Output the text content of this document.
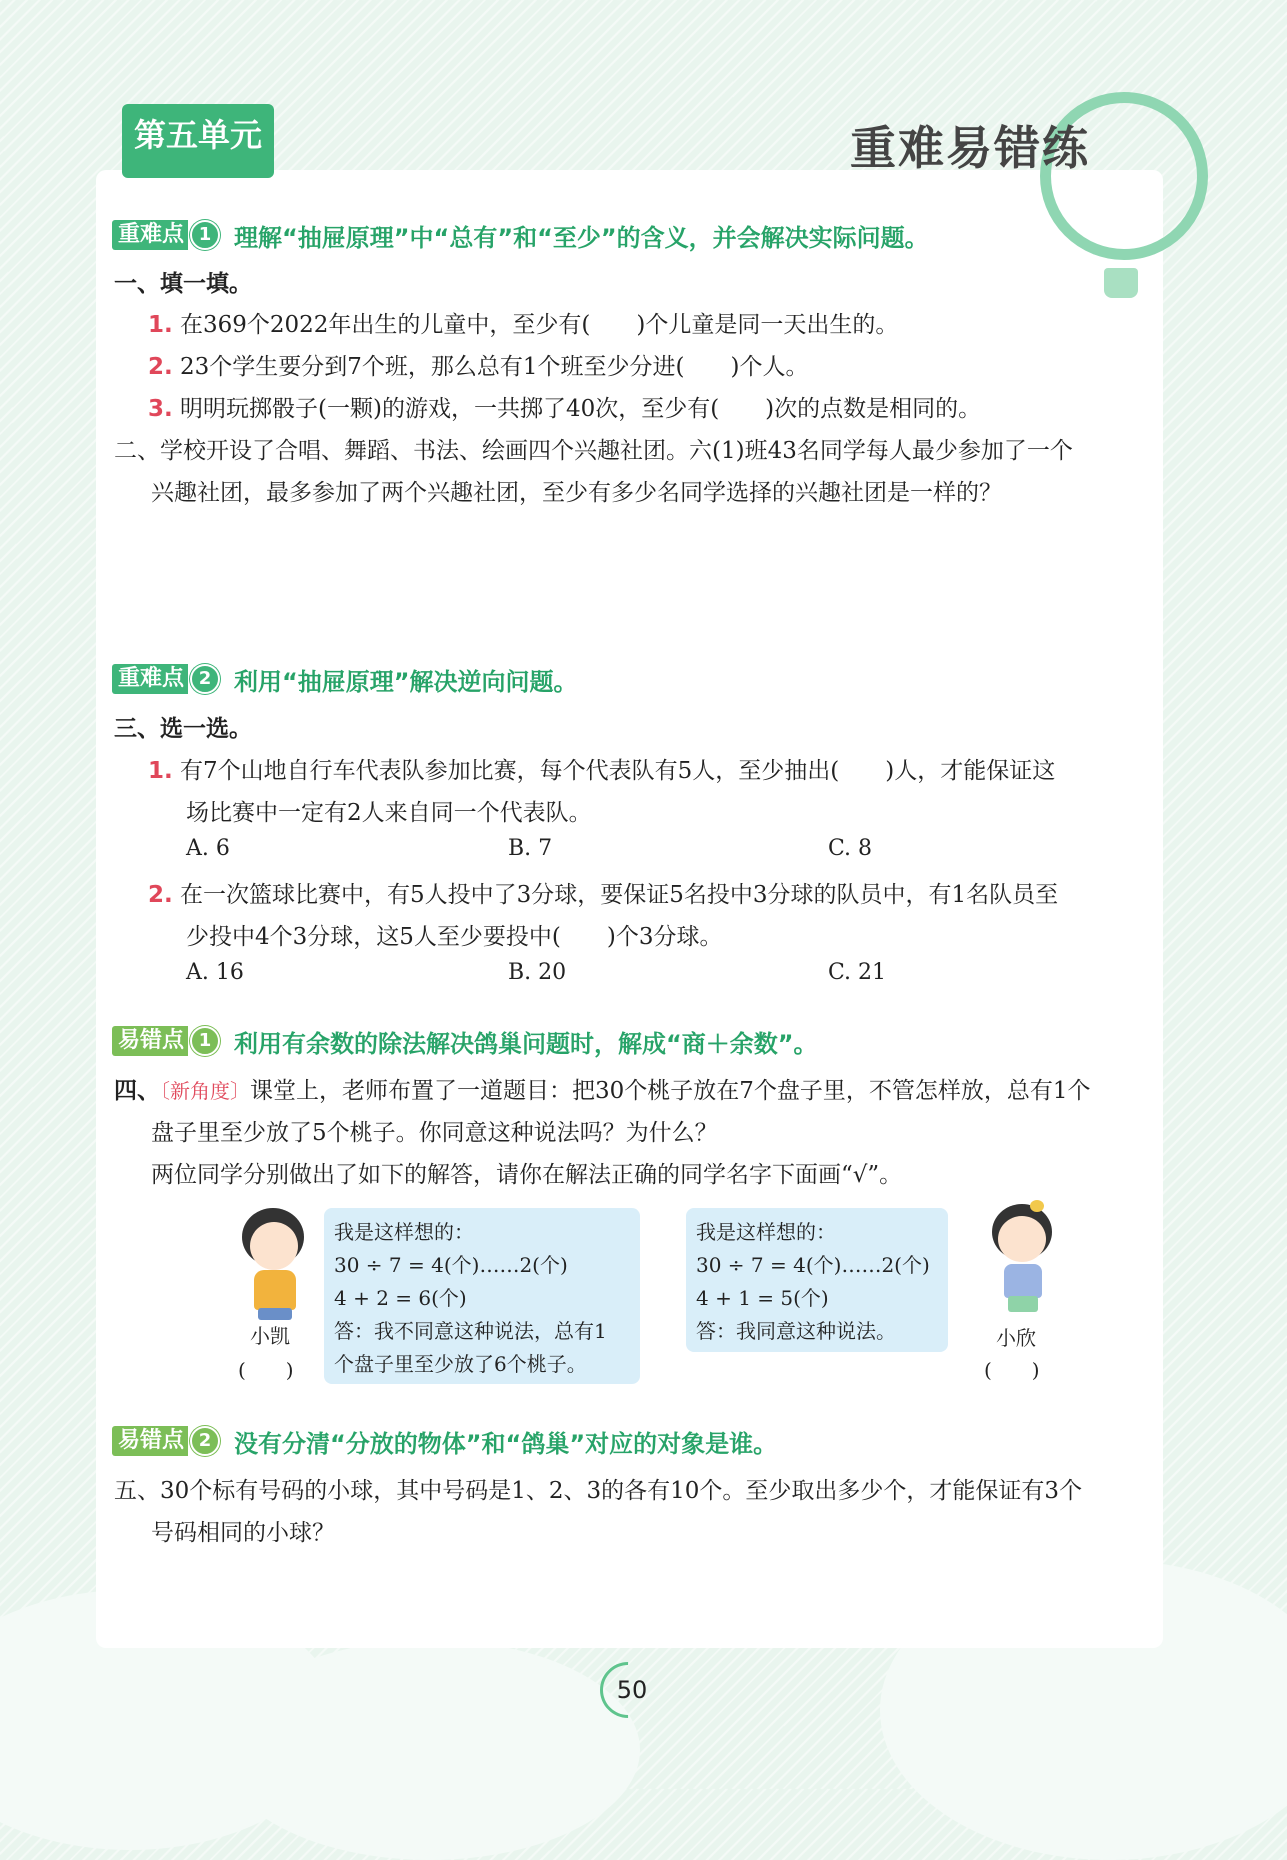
第五单元	重难易错练
重难点 1 理解“抽屉原理”中“总有”和“至少”的含义，并会解决实际问题。
一、填一填。
1. 在369个2022年出生的儿童中，至少有(　　)个儿童是同一天出生的。
2. 23个学生要分到7个班，那么总有1个班至少分进(　　)个人。
3. 明明玩掷骰子(一颗)的游戏，一共掷了40次，至少有(　　)次的点数是相同的。
二、学校开设了合唱、舞蹈、书法、绘画四个兴趣社团。六(1)班43名同学每人最少参加了一个
兴趣社团，最多参加了两个兴趣社团，至少有多少名同学选择的兴趣社团是一样的？
重难点 2 利用“抽屉原理”解决逆向问题。
三、选一选。
1. 有7个山地自行车代表队参加比赛，每个代表队有5人，至少抽出(　　)人，才能保证这
场比赛中一定有2人来自同一个代表队。
A. 6	B. 7	C. 8
2. 在一次篮球比赛中，有5人投中了3分球，要保证5名投中3分球的队员中，有1名队员至
少投中4个3分球，这5人至少要投中(　　)个3分球。
A. 16	B. 20	C. 21
易错点 1 利用有余数的除法解决鸽巢问题时，解成“商＋余数”。
四、〔新角度〕课堂上，老师布置了一道题目：把30个桃子放在7个盘子里，不管怎样放，总有1个
盘子里至少放了5个桃子。你同意这种说法吗？为什么？
两位同学分别做出了如下的解答，请你在解法正确的同学名字下面画“√”。
小凯
(　　)
我是这样想的：
30 ÷ 7 = 4(个)……2(个)
4 + 2 = 6(个)
答：我不同意这种说法，总有1
个盘子里至少放了6个桃子。
我是这样想的：
30 ÷ 7 = 4(个)……2(个)
4 + 1 = 5(个)
答：我同意这种说法。	小欣
(　　)
易错点 2 没有分清“分放的物体”和“鸽巢”对应的对象是谁。
五、30个标有号码的小球，其中号码是1、2、3的各有10个。至少取出多少个，才能保证有3个
号码相同的小球？
50
